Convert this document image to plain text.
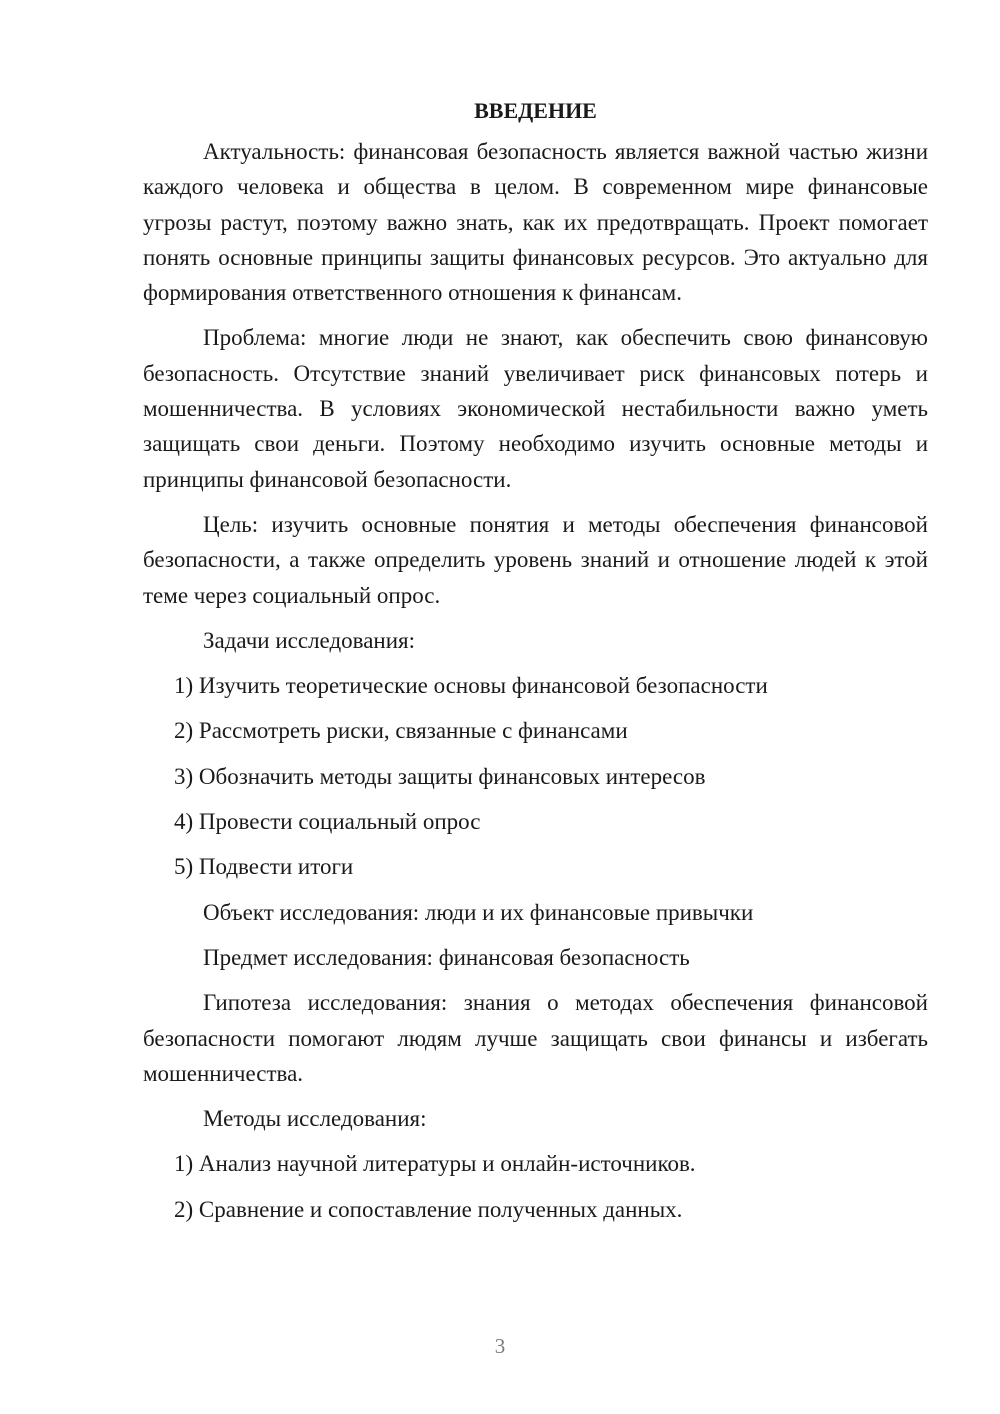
ВВЕДЕНИЕ

Актуальность: финансовая безопасность является важной частью жизни каждого человека и общества в целом. В современном мире финансовые угрозы растут, поэтому важно знать, как их предотвращать. Проект помогает понять основные принципы защиты финансовых ресурсов. Это актуально для формирования ответственного отношения к финансам.

Проблема: многие люди не знают, как обеспечить свою финансовую безопасность. Отсутствие знаний увеличивает риск финансовых потерь и мошенничества. В условиях экономической нестабильности важно уметь защищать свои деньги. Поэтому необходимо изучить основные методы и принципы финансовой безопасности.

Цель: изучить основные понятия и методы обеспечения финансовой безопасности, а также определить уровень знаний и отношение людей к этой теме через социальный опрос.

Задачи исследования:

1) Изучить теоретические основы финансовой безопасности

2) Рассмотреть риски, связанные с финансами

3) Обозначить методы защиты финансовых интересов

4) Провести социальный опрос

5) Подвести итоги

Объект исследования: люди и их финансовые привычки

Предмет исследования: финансовая безопасность

Гипотеза исследования: знания о методах обеспечения финансовой безопасности помогают людям лучше защищать свои финансы и избегать мошенничества.

Методы исследования:

1) Анализ научной литературы и онлайн-источников.

2) Сравнение и сопоставление полученных данных.

3
